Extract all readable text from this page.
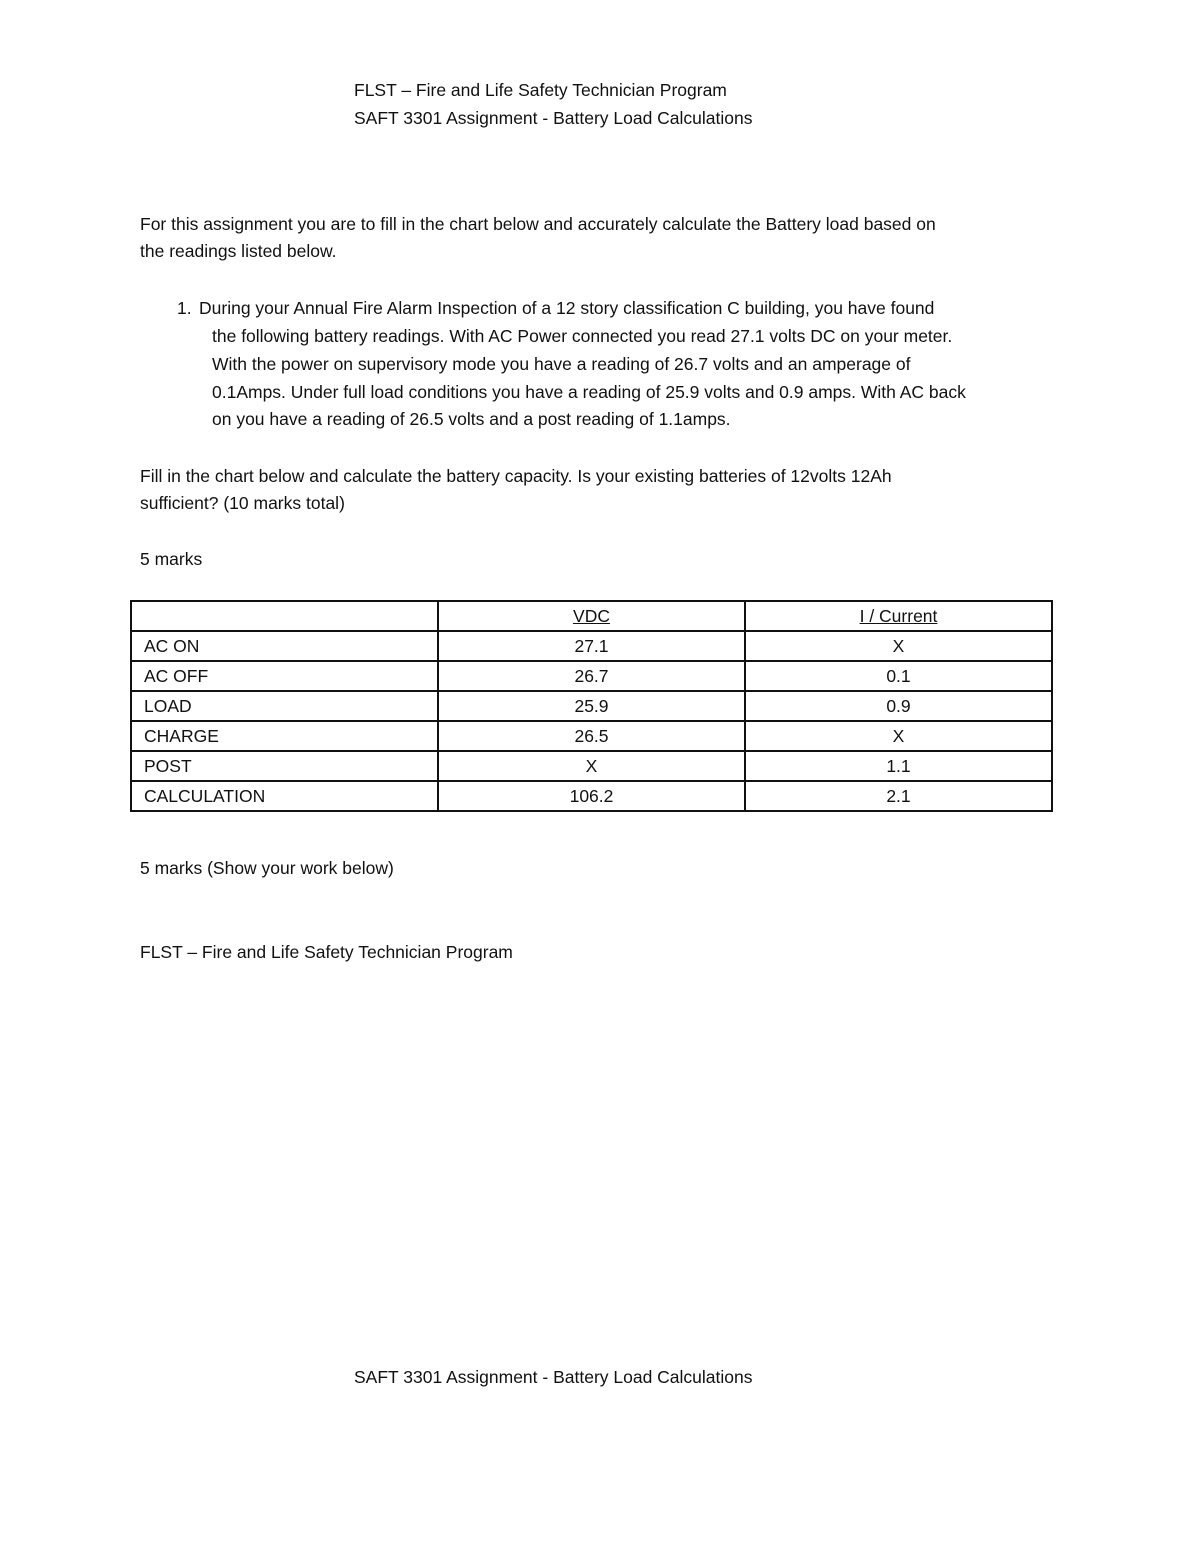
FLST – Fire and Life Safety Technician Program
SAFT 3301 Assignment - Battery Load Calculations
For this assignment you are to fill in the chart below and accurately calculate the Battery load based on
the readings listed below.
1. During your Annual Fire Alarm Inspection of a 12 story classification C building, you have found
the following battery readings. With AC Power connected you read 27.1 volts DC on your meter.
With the power on supervisory mode you have a reading of 26.7 volts and an amperage of
0.1Amps. Under full load conditions you have a reading of 25.9 volts and 0.9 amps. With AC back
on you have a reading of 26.5 volts and a post reading of 1.1amps.
Fill in the chart below and calculate the battery capacity. Is your existing batteries of 12volts 12Ah
sufficient? (10 marks total)
5 marks
	VDC	I / Current
AC ON	27.1	X
AC OFF	26.7	0.1
LOAD	25.9	0.9
CHARGE	26.5	X
POST	X	1.1
CALCULATION	106.2	2.1
5 marks (Show your work below)
FLST – Fire and Life Safety Technician Program
SAFT 3301 Assignment - Battery Load Calculations
